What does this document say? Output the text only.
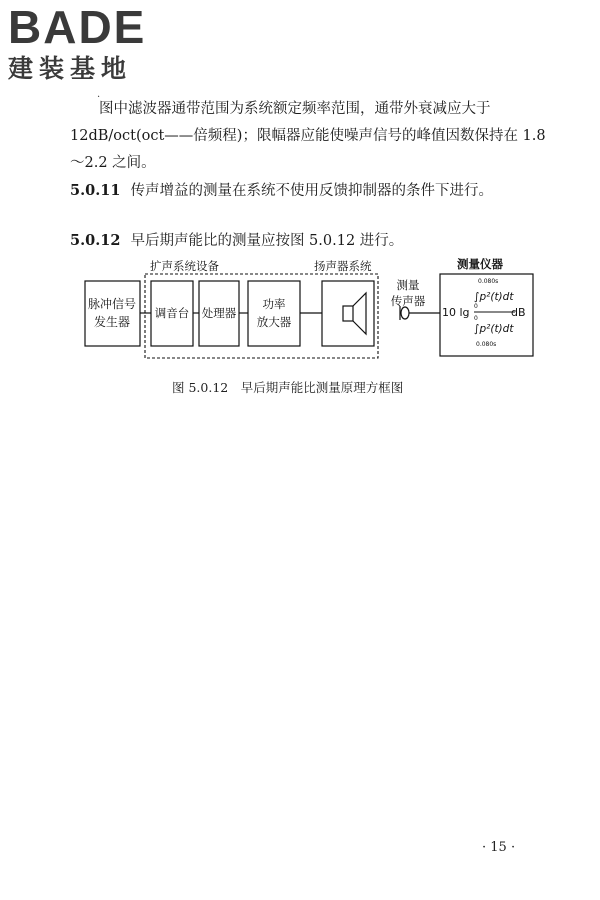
BADE
建装基地
·
图中滤波器通带范围为系统额定频率范围，通带外衰减应大于 12dB/oct(oct——倍频程)；限幅器应能使噪声信号的峰值因数保持在 1.8～2.2 之间。
5.0.11 传声增益的测量在系统不使用反馈抑制器的条件下进行。
5.0.12 早后期声能比的测量应按图 5.0.12 进行。
脉冲信号
发生器
扩声系统设备
调音台 处理器
功率
放大器
扬声器系统
测量
传声器
测量仪器
10 lg
0.080s
∫p²(t)dt
0	dB
0
∫p²(t)dt
0.080s
图 5.0.12　早后期声能比测量原理方框图
· 15 ·
